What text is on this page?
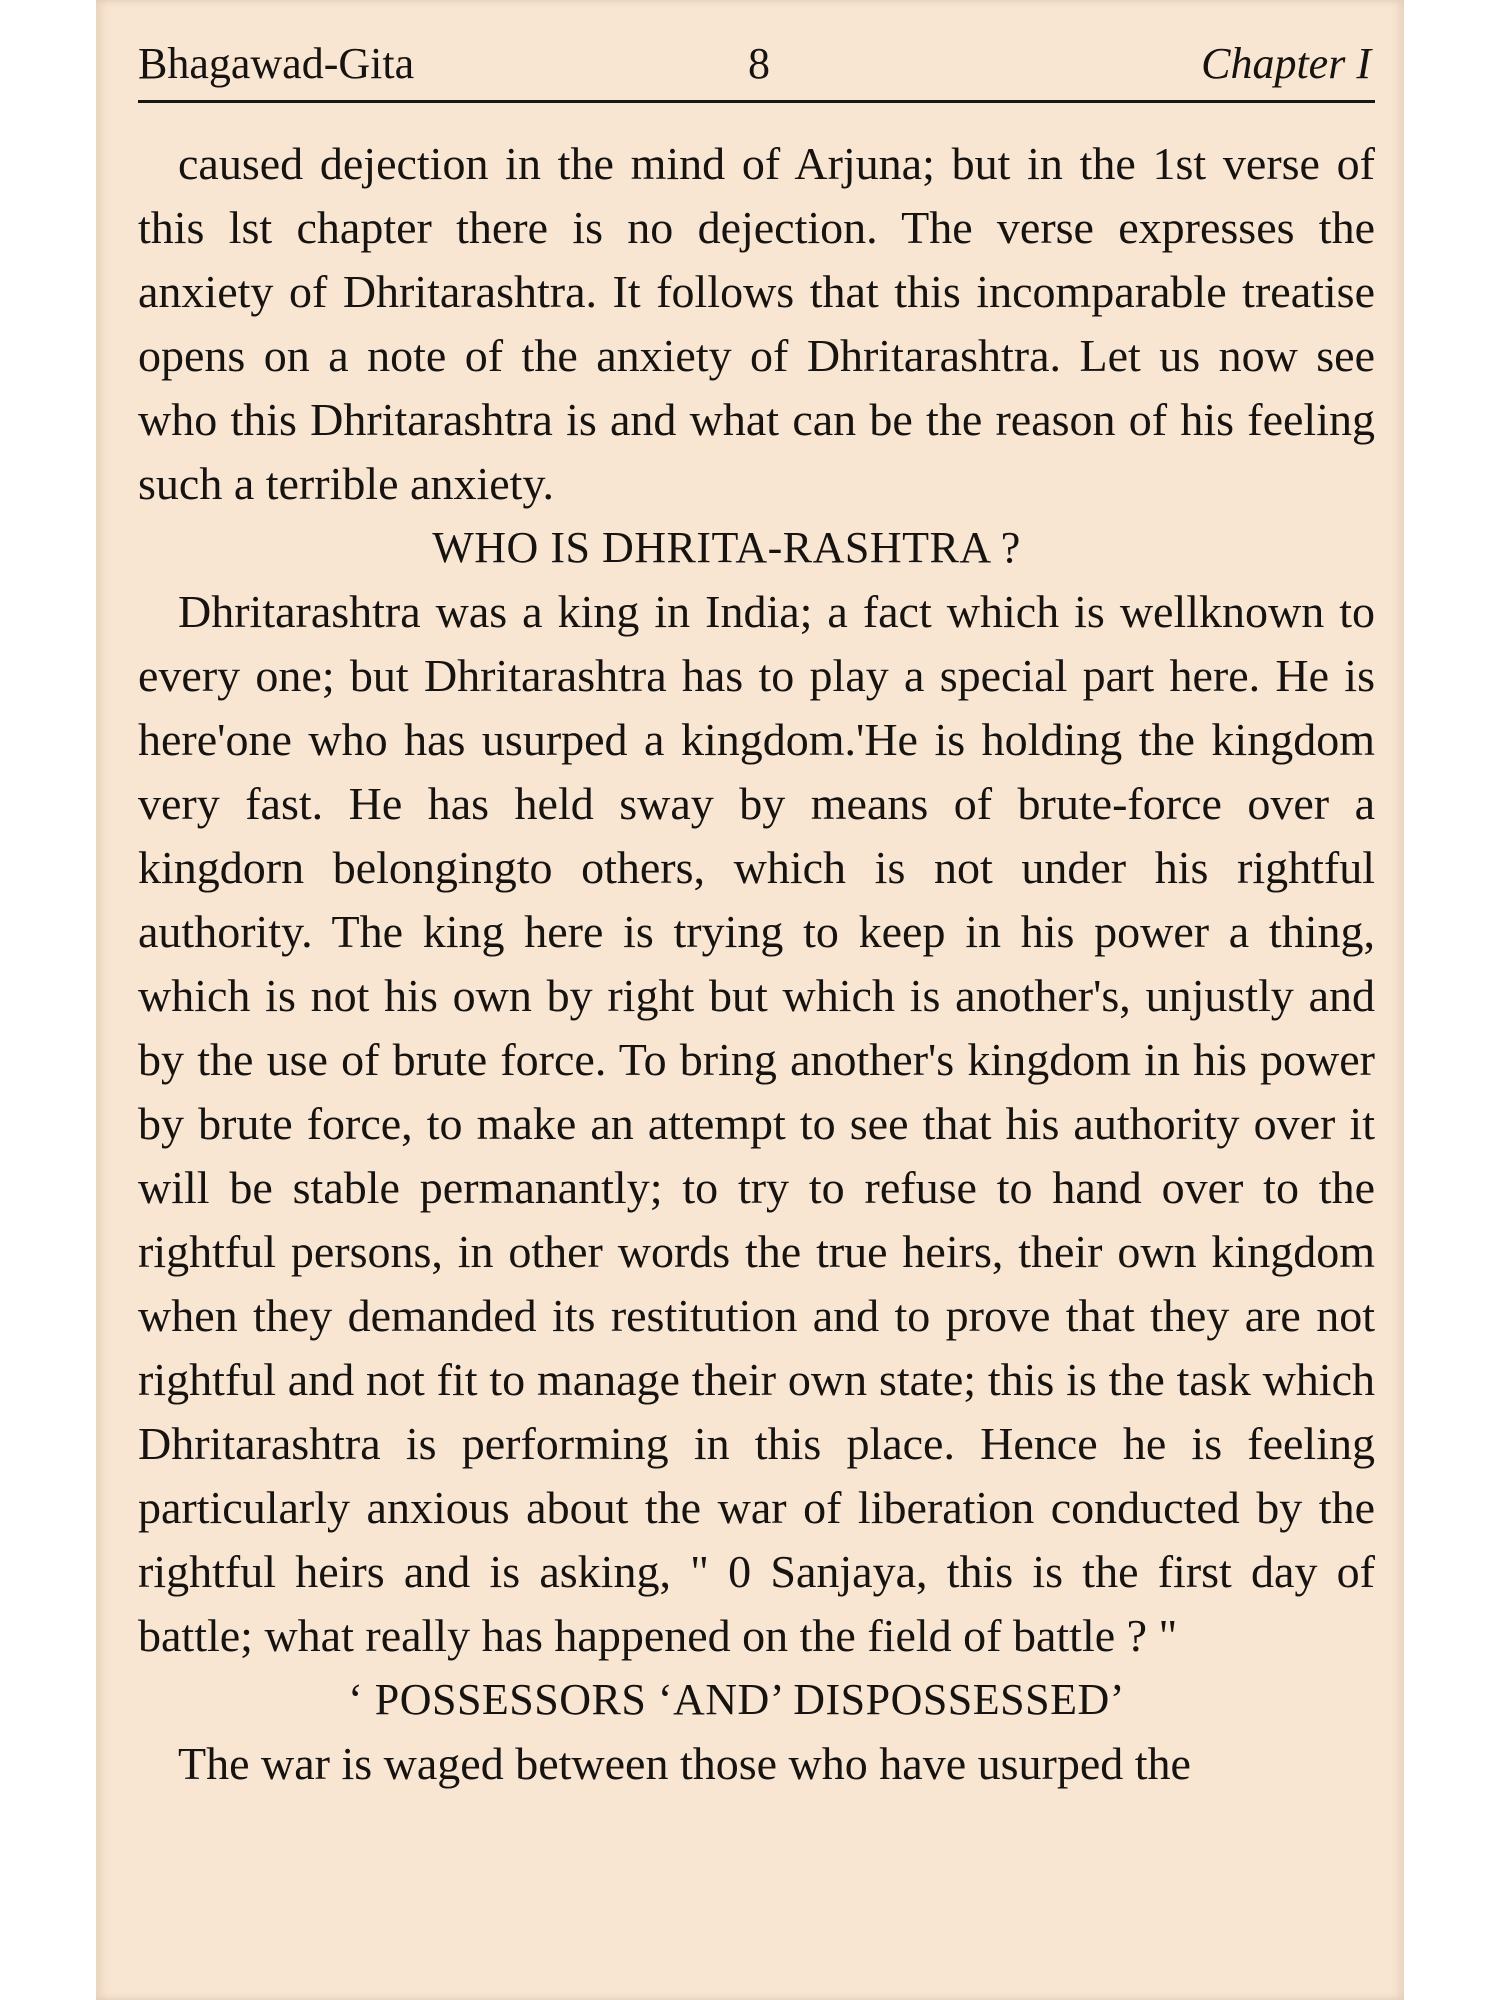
Bhagawad-Gita	8	Chapter I

caused dejection in the mind of Arjuna; but in the 1st verse of this lst chapter there is no dejection. The verse expresses the anxiety of Dhritarashtra. It follows that this incomparable treatise opens on a note of the anxiety of Dhritarashtra. Let us now see who this Dhritarashtra is and what can be the reason of his feeling such a terrible anxiety.

WHO IS DHRITA-RASHTRA ?

Dhritarashtra was a king in India; a fact which is wellknown to every one; but Dhritarashtra has to play a special part here. He is here'one who has usurped a kingdom.'He is holding the kingdom very fast. He has held sway by means of brute-force over a kingdorn belongingto others, which is not under his rightful authority. The king here is trying to keep in his power a thing, which is not his own by right but which is another's, unjustly and by the use of brute force. To bring another's kingdom in his power by brute force, to make an attempt to see that his authority over it will be stable permanantly; to try to refuse to hand over to the rightful persons, in other words the true heirs, their own kingdom when they demanded its restitution and to prove that they are not rightful and not fit to manage their own state; this is the task which Dhritarashtra is performing in this place. Hence he is feeling particularly anxious about the war of liberation conducted by the rightful heirs and is asking, " 0 Sanjaya, this is the first day of battle; what really has happened on the field of battle ? "

‘ POSSESSORS ‘AND’ DISPOSSESSED’

The war is waged between those who have usurped the
